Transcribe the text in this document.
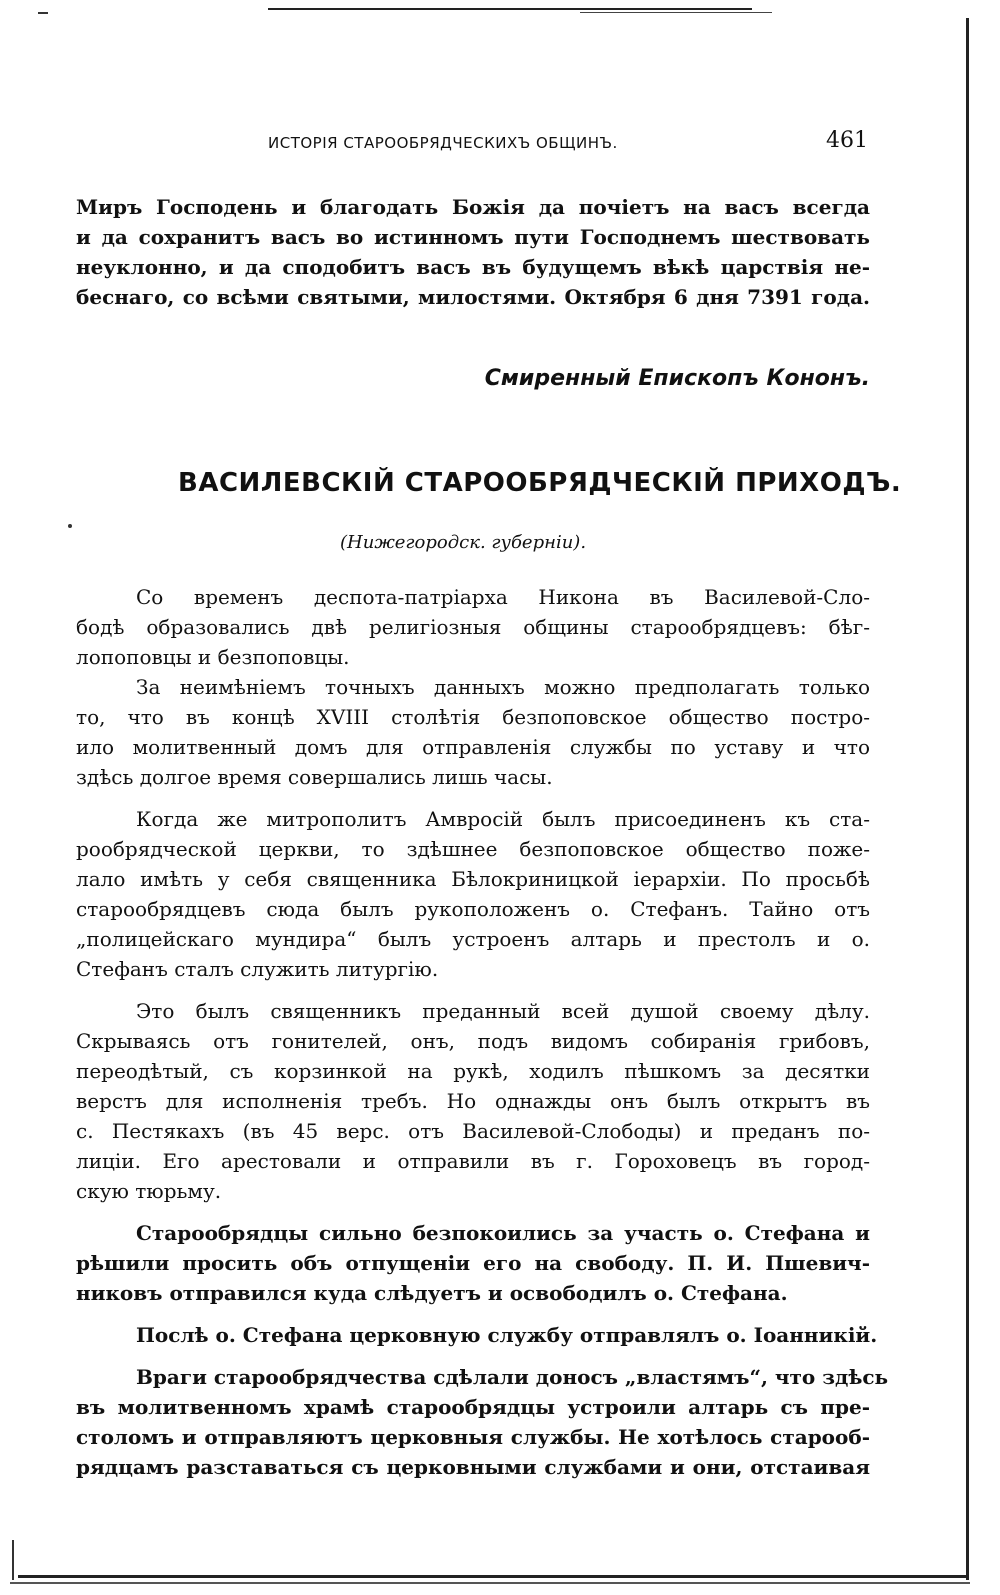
ИСТОРІЯ СТАРООБРЯДЧЕСКИХЪ ОБЩИНЪ.	461
Миръ Господень и благодать Божія да почіетъ на васъ всегда
и да сохранитъ васъ во истинномъ пути Господнемъ шествовать
неуклонно, и да сподобитъ васъ въ будущемъ вѣкѣ царствія не-
беснаго, со всѣми святыми, милостями. Октября 6 дня 7391 года.
Смиренный Епископъ Кононъ.
ВАСИЛЕВСКІЙ СТАРООБРЯДЧЕСКІЙ ПРИХОДЪ.
(Нижегородск. губерніи).
Со временъ деспота-патріарха Никона въ Василевой-Сло-
бодѣ образовались двѣ религіозныя общины старообрядцевъ: бѣг-
лопоповцы и безпоповцы.
За неимѣніемъ точныхъ данныхъ можно предполагать только
то, что въ концѣ XVIII столѣтія безпоповское общество постро-
ило молитвенный домъ для отправленія службы по уставу и что
здѣсь долгое время совершались лишь часы.
Когда же митрополитъ Амвросій былъ присоединенъ къ ста-
рообрядческой церкви, то здѣшнее безпоповское общество поже-
лало имѣть у себя священника Бѣлокриницкой іерархіи. По просьбѣ
старообрядцевъ сюда былъ рукоположенъ о. Стефанъ. Тайно отъ
„полицейскаго мундира“ былъ устроенъ алтарь и престолъ и о.
Стефанъ сталъ служить литургію.
Это былъ священникъ преданный всей душой своему дѣлу.
Скрываясь отъ гонителей, онъ, подъ видомъ собиранія грибовъ,
переодѣтый, съ корзинкой на рукѣ, ходилъ пѣшкомъ за десятки
верстъ для исполненія требъ. Но однажды онъ былъ открытъ въ
с. Пестякахъ (въ 45 верс. отъ Василевой-Слободы) и преданъ по-
лиціи. Его арестовали и отправили въ г. Гороховецъ въ город-
скую тюрьму.
Старообрядцы сильно безпокоились за участь о. Стефана и
рѣшили просить объ отпущеніи его на свободу. П. И. Пшевич-
никовъ отправился куда слѣдуетъ и освободилъ о. Стефана.
Послѣ о. Стефана церковную службу отправлялъ о. Іоанникій.
Враги старообрядчества сдѣлали доносъ „властямъ“, что здѣсь
въ молитвенномъ храмѣ старообрядцы устроили алтарь съ пре-
столомъ и отправляютъ церковныя службы. Не хотѣлось старооб-
рядцамъ разставаться съ церковными службами и они, отстаивая
